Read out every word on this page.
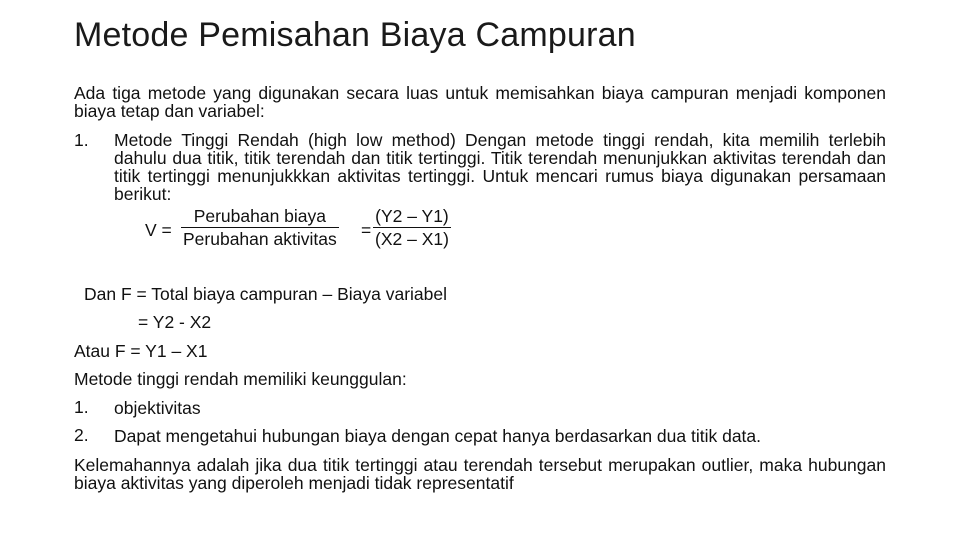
Metode Pemisahan Biaya Campuran
Ada tiga metode yang digunakan secara luas untuk memisahkan biaya campuran menjadi komponen biaya tetap dan variabel:
1. Metode Tinggi Rendah (high low method) Dengan metode tinggi rendah, kita memilih terlebih dahulu dua titik, titik terendah dan titik tertinggi. Titik terendah menunjukkan aktivitas terendah dan titik tertinggi menunjukkkan aktivitas tertinggi. Untuk mencari rumus biaya digunakan persamaan berikut:
V =
Perubahan biaya
Perubahan aktivitas = $\frac{(Y2 - Y1)}{(X2 - X1)}$
Dan F = Total biaya campuran – Biaya variabel
= Y2 - X2
Atau F = Y1 – X1
Metode tinggi rendah memiliki keunggulan:
1. objektivitas
2. Dapat mengetahui hubungan biaya dengan cepat hanya berdasarkan dua titik data.
Kelemahannya adalah jika dua titik tertinggi atau terendah tersebut merupakan outlier, maka hubungan biaya aktivitas yang diperoleh menjadi tidak representatif
